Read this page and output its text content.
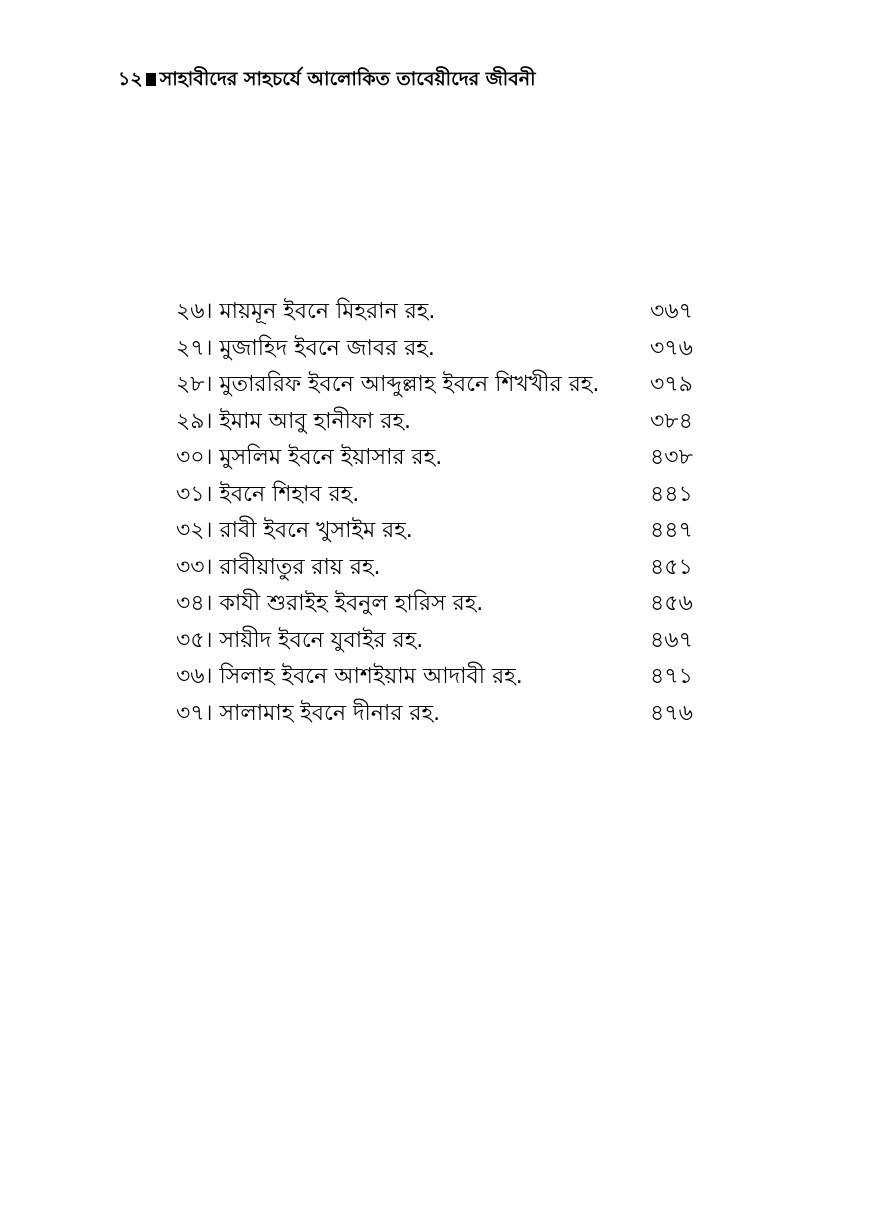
১২ সাহাবীদের সাহচর্যে আলোকিত তাবেয়ীদের জীবনী
২৬। মায়মূন ইবনে মিহরান রহ.	৩৬৭
২৭। মুজাহিদ ইবনে জাবর রহ.	৩৭৬
২৮। মুতাররিফ ইবনে আব্দুল্লাহ ইবনে শিখখীর রহ. ৩৭৯
২৯। ইমাম আবু হানীফা রহ.	৩৮৪
৩০। মুসলিম ইবনে ইয়াসার রহ.	৪৩৮
৩১। ইবনে শিহাব রহ.	৪৪১
৩২। রাবী ইবনে খুসাইম রহ.	৪৪৭
৩৩। রাবীয়াতুর রায় রহ.	৪৫১
৩৪। কাযী শুরাইহ ইবনুল হারিস রহ.	৪৫৬
৩৫। সায়ীদ ইবনে যুবাইর রহ.	৪৬৭
৩৬। সিলাহ ইবনে আশইয়াম আদাবী রহ.	৪৭১
৩৭। সালামাহ ইবনে দীনার রহ.	৪৭৬
